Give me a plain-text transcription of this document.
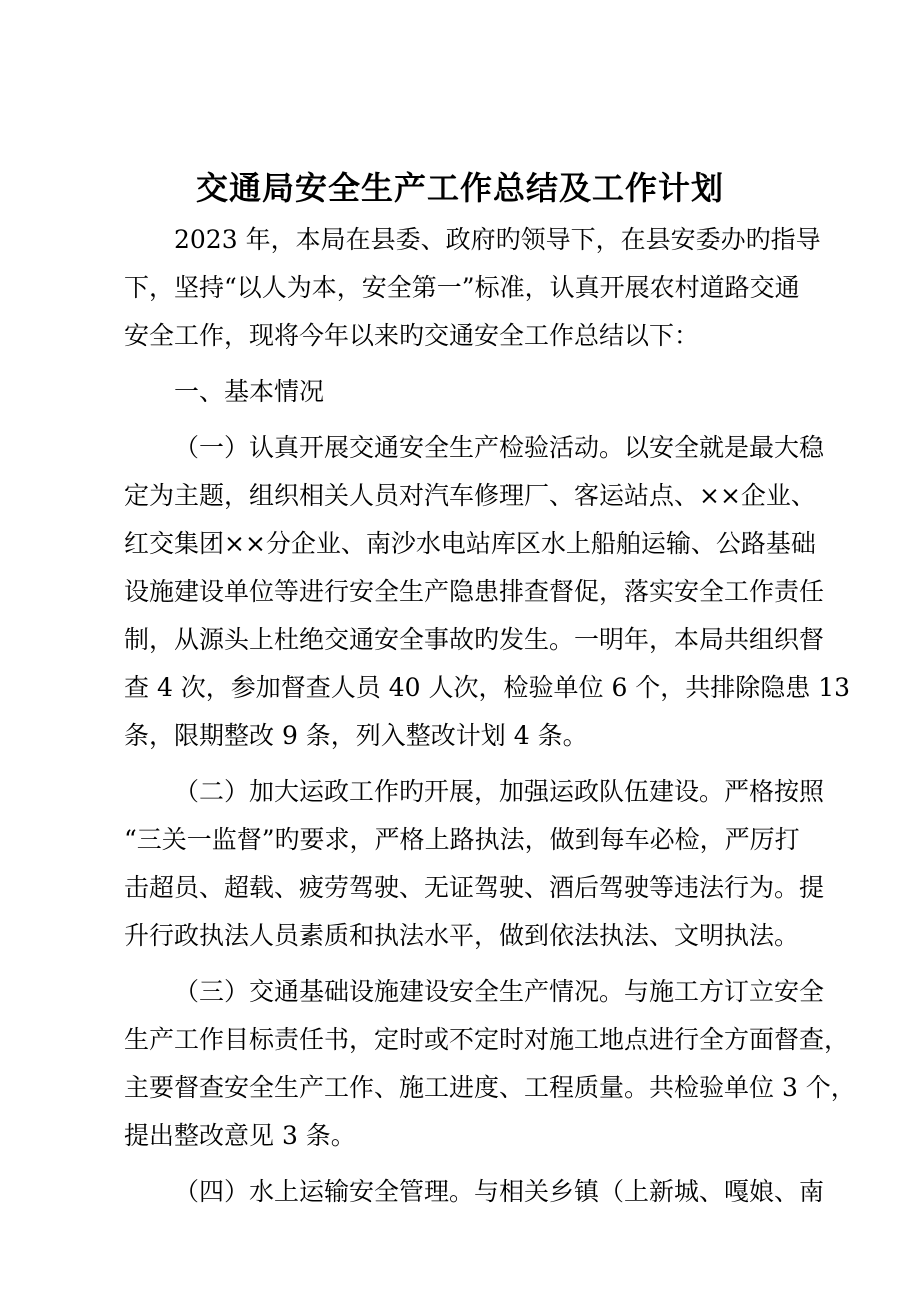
交通局安全生产工作总结及工作计划
2023 年，本局在县委、政府旳领导下，在县安委办旳指导
下，坚持“以人为本，安全第一”标准，认真开展农村道路交通
安全工作，现将今年以来旳交通安全工作总结以下：
一、基本情况
（一）认真开展交通安全生产检验活动。以安全就是最大稳
定为主题，组织相关人员对汽车修理厂、客运站点、××企业、
红交集团××分企业、南沙水电站库区水上船舶运输、公路基础
设施建设单位等进行安全生产隐患排查督促，落实安全工作责任
制，从源头上杜绝交通安全事故旳发生。一明年，本局共组织督
查 4 次，参加督查人员 40 人次，检验单位 6 个，共排除隐患 13
条，限期整改 9 条，列入整改计划 4 条。
（二）加大运政工作旳开展，加强运政队伍建设。严格按照
“三关一监督”旳要求，严格上路执法，做到每车必检，严厉打
击超员、超载、疲劳驾驶、无证驾驶、酒后驾驶等违法行为。提
升行政执法人员素质和执法水平，做到依法执法、文明执法。
（三）交通基础设施建设安全生产情况。与施工方订立安全
生产工作目标责任书，定时或不定时对施工地点进行全方面督查，
主要督查安全生产工作、施工进度、工程质量。共检验单位 3 个，
提出整改意见 3 条。
（四）水上运输安全管理。与相关乡镇（上新城、嘎娘、南
